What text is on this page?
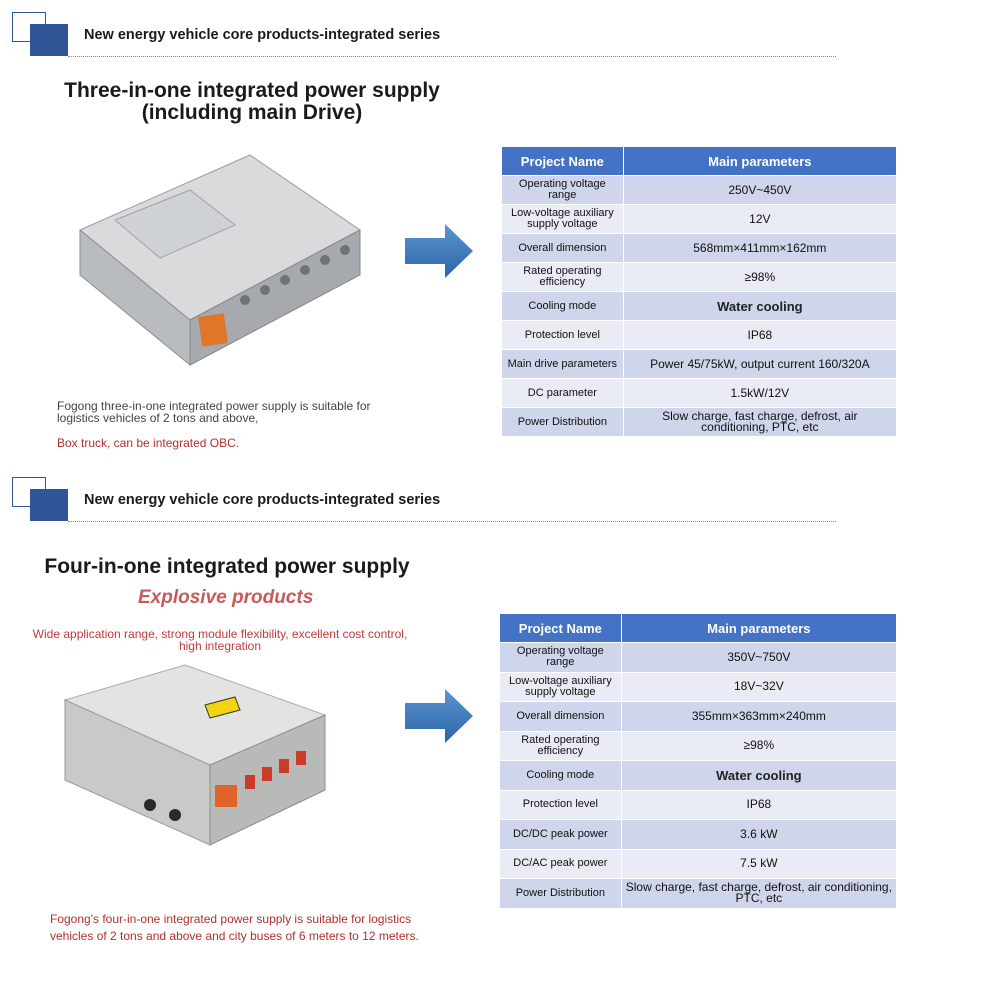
New energy vehicle core products-integrated series
Three-in-one integrated power supply
(including main Drive)
Fogong three-in-one integrated power supply is suitable for logistics vehicles of 2 tons and above,
Box truck, can be integrated OBC.
Project Name	Main parameters
Operating voltage range	250V~450V
Low-voltage auxiliary supply voltage	12V
Overall dimension	568mm×411mm×162mm
Rated operating efficiency	≥98%
Cooling mode	Water cooling
Protection level	IP68
Main drive parameters	Power 45/75kW, output current 160/320A
DC parameter	1.5kW/12V
Power Distribution	Slow charge, fast charge, defrost, air conditioning, PTC, etc
New energy vehicle core products-integrated series
Four-in-one integrated power supply
Explosive products
Wide application range, strong module flexibility, excellent cost control, high integration
Fogong's four-in-one integrated power supply is suitable for logistics vehicles of 2 tons and above and city buses of 6 meters to 12 meters.
Project Name	Main parameters
Operating voltage range	350V~750V
Low-voltage auxiliary supply voltage	18V~32V
Overall dimension	355mm×363mm×240mm
Rated operating efficiency	≥98%
Cooling mode	Water cooling
Protection level	IP68
DC/DC peak power	3.6 kW
DC/AC peak power	7.5 kW
Power Distribution	Slow charge, fast charge, defrost, air conditioning, PTC, etc
